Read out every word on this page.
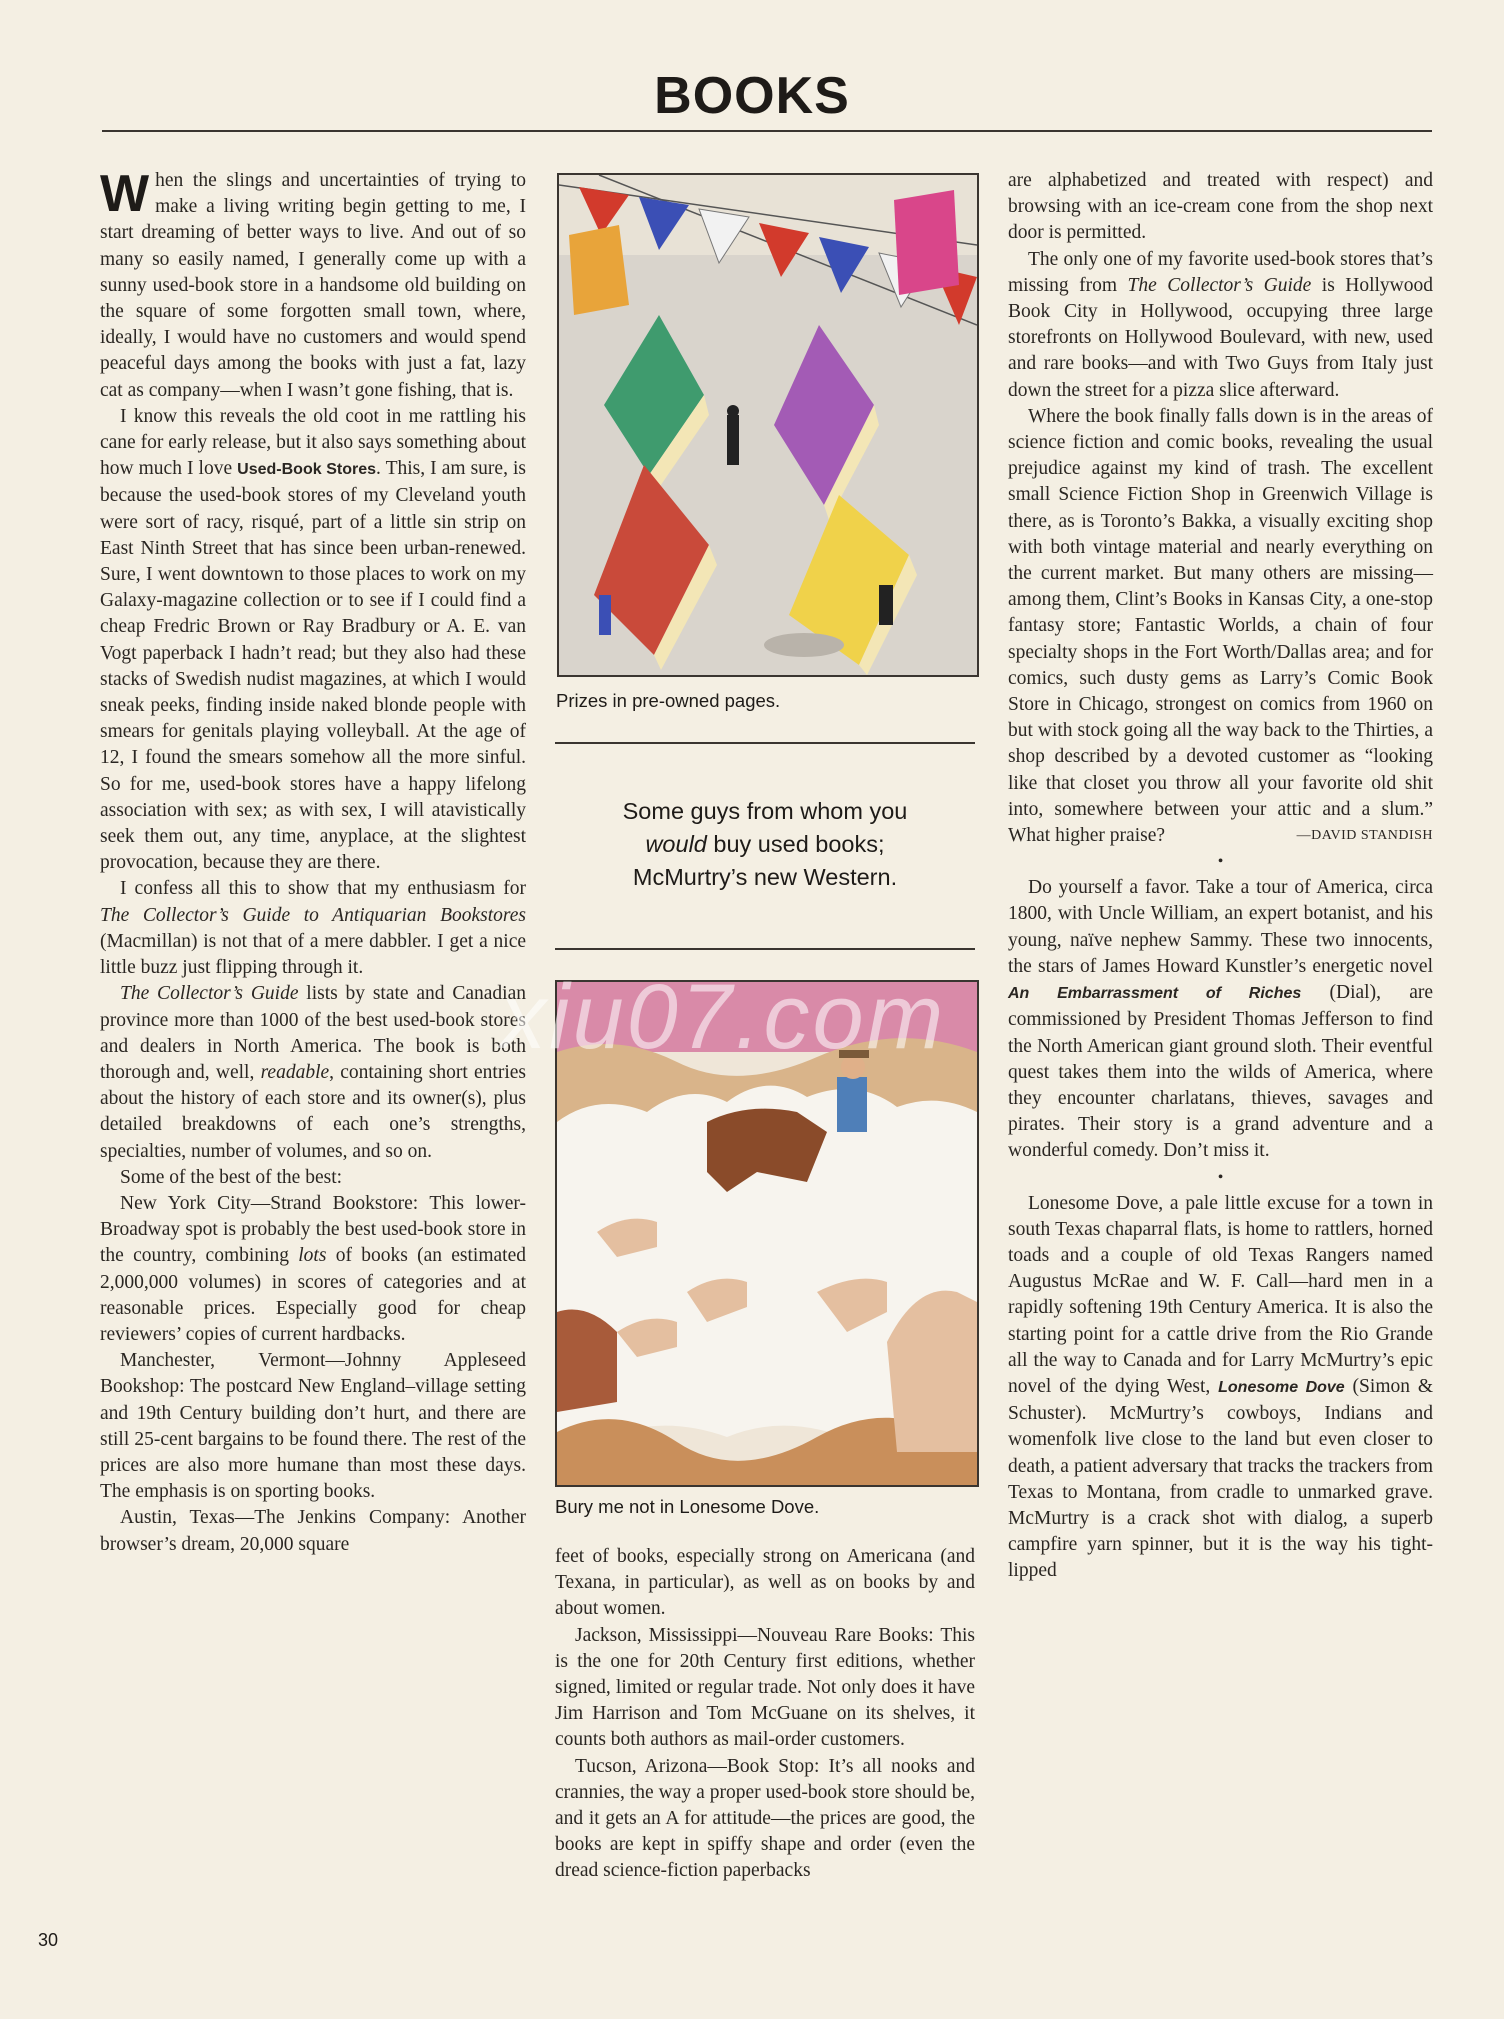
BOOKS

When the slings and uncertainties of trying to make a living writing begin getting to me, I start dreaming of better ways to live. And out of so many so easily named, I generally come up with a sunny used-book store in a handsome old building on the square of some forgotten small town, where, ideally, I would have no customers and would spend peaceful days among the books with just a fat, lazy cat as company—when I wasn’t gone fishing, that is.

I know this reveals the old coot in me rattling his cane for early release, but it also says something about how much I love Used-Book Stores. This, I am sure, is because the used-book stores of my Cleveland youth were sort of racy, risqué, part of a little sin strip on East Ninth Street that has since been urban-renewed. Sure, I went downtown to those places to work on my Galaxy-magazine collection or to see if I could find a cheap Fredric Brown or Ray Bradbury or A. E. van Vogt paperback I hadn’t read; but they also had these stacks of Swedish nudist magazines, at which I would sneak peeks, finding inside naked blonde people with smears for genitals playing volleyball. At the age of 12, I found the smears somehow all the more sinful. So for me, used-book stores have a happy lifelong association with sex; as with sex, I will atavistically seek them out, any time, anyplace, at the slightest provocation, because they are there.

I confess all this to show that my enthusiasm for The Collector’s Guide to Antiquarian Bookstores (Macmillan) is not that of a mere dabbler. I get a nice little buzz just flipping through it.

The Collector’s Guide lists by state and Canadian province more than 1000 of the best used-book stores and dealers in North America. The book is both thorough and, well, readable, containing short entries about the history of each store and its owner(s), plus detailed breakdowns of each one’s strengths, specialties, number of volumes, and so on.

Some of the best of the best:

New York City—Strand Bookstore: This lower-Broadway spot is probably the best used-book store in the country, combining lots of books (an estimated 2,000,000 volumes) in scores of categories and at reasonable prices. Especially good for cheap reviewers’ copies of current hardbacks.

Manchester, Vermont—Johnny Appleseed Bookshop: The postcard New England–village setting and 19th Century building don’t hurt, and there are still 25-cent bargains to be found there. The rest of the prices are also more humane than most these days. The emphasis is on sporting books.

Austin, Texas—The Jenkins Company: Another browser’s dream, 20,000 square

Prizes in pre-owned pages.
Some guys from whom you
would buy used books;
McMurtry’s new Western.
Bury me not in Lonesome Dove.

feet of books, especially strong on Americana (and Texana, in particular), as well as on books by and about women.

Jackson, Mississippi—Nouveau Rare Books: This is the one for 20th Century first editions, whether signed, limited or regular trade. Not only does it have Jim Harrison and Tom McGuane on its shelves, it counts both authors as mail-order customers.

Tucson, Arizona—Book Stop: It’s all nooks and crannies, the way a proper used-book store should be, and it gets an A for attitude—the prices are good, the books are kept in spiffy shape and order (even the dread science-fiction paperbacks

are alphabetized and treated with respect) and browsing with an ice-cream cone from the shop next door is permitted.

The only one of my favorite used-book stores that’s missing from The Collector’s Guide is Hollywood Book City in Hollywood, occupying three large storefronts on Hollywood Boulevard, with new, used and rare books—and with Two Guys from Italy just down the street for a pizza slice afterward.

Where the book finally falls down is in the areas of science fiction and comic books, revealing the usual prejudice against my kind of trash. The excellent small Science Fiction Shop in Greenwich Village is there, as is Toronto’s Bakka, a visually exciting shop with both vintage material and nearly everything on the current market. But many others are missing—among them, Clint’s Books in Kansas City, a one-stop fantasy store; Fantastic Worlds, a chain of four specialty shops in the Fort Worth/Dallas area; and for comics, such dusty gems as Larry’s Comic Book Store in Chicago, strongest on comics from 1960 on but with stock going all the way back to the Thirties, a shop described by a devoted customer as “looking like that closet you throw all your favorite old shit into, somewhere between your attic and a slum.” What higher praise?	—DAVID STANDISH

•

Do yourself a favor. Take a tour of America, circa 1800, with Uncle William, an expert botanist, and his young, naïve nephew Sammy. These two innocents, the stars of James Howard Kunstler’s energetic novel An Embarrassment of Riches (Dial), are commissioned by President Thomas Jefferson to find the North American giant ground sloth. Their eventful quest takes them into the wilds of America, where they encounter charlatans, thieves, savages and pirates. Their story is a grand adventure and a wonderful comedy. Don’t miss it.

•

Lonesome Dove, a pale little excuse for a town in south Texas chaparral flats, is home to rattlers, horned toads and a couple of old Texas Rangers named Augustus McRae and W. F. Call—hard men in a rapidly softening 19th Century America. It is also the starting point for a cattle drive from the Rio Grande all the way to Canada and for Larry McMurtry’s epic novel of the dying West, Lonesome Dove (Simon & Schuster). McMurtry’s cowboys, Indians and womenfolk live close to the land but even closer to death, a patient adversary that tracks the trackers from Texas to Montana, from cradle to unmarked grave. McMurtry is a crack shot with dialog, a superb campfire yarn spinner, but it is the way his tight-lipped

30
xiu07.com
